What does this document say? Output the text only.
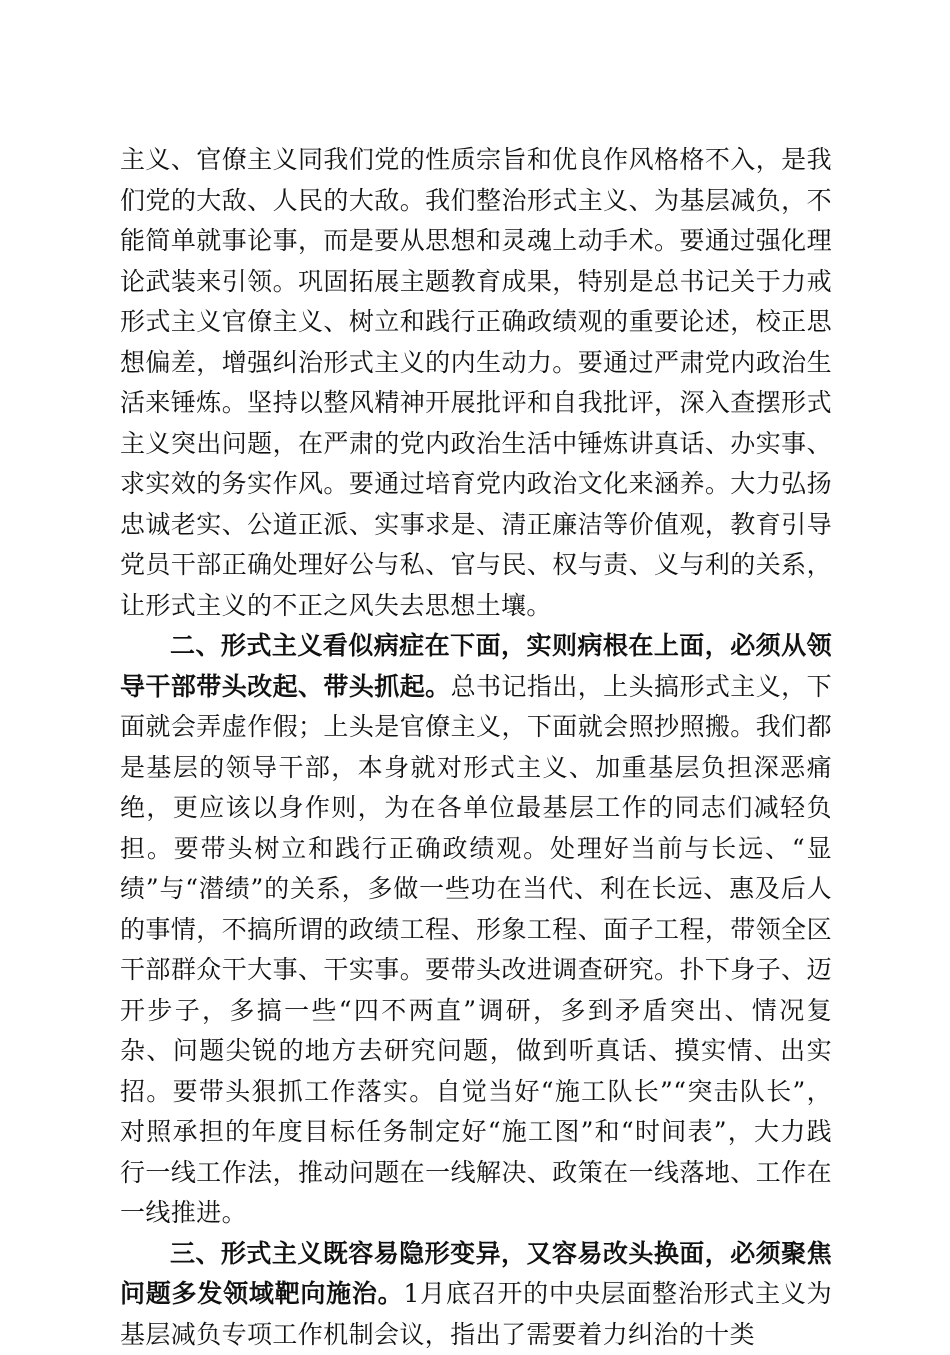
主义、官僚主义同我们党的性质宗旨和优良作风格格不入，是我们党的大敌、人民的大敌。我们整治形式主义、为基层减负，不能简单就事论事，而是要从思想和灵魂上动手术。要通过强化理论武装来引领。巩固拓展主题教育成果，特别是总书记关于力戒形式主义官僚主义、树立和践行正确政绩观的重要论述，校正思想偏差，增强纠治形式主义的内生动力。要通过严肃党内政治生活来锤炼。坚持以整风精神开展批评和自我批评，深入查摆形式主义突出问题，在严肃的党内政治生活中锤炼讲真话、办实事、求实效的务实作风。要通过培育党内政治文化来涵养。大力弘扬忠诚老实、公道正派、实事求是、清正廉洁等价值观，教育引导党员干部正确处理好公与私、官与民、权与责、义与利的关系，让形式主义的不正之风失去思想土壤。

二、形式主义看似病症在下面，实则病根在上面，必须从领导干部带头改起、带头抓起。总书记指出，上头搞形式主义，下面就会弄虚作假；上头是官僚主义，下面就会照抄照搬。我们都是基层的领导干部，本身就对形式主义、加重基层负担深恶痛绝，更应该以身作则，为在各单位最基层工作的同志们减轻负担。要带头树立和践行正确政绩观。处理好当前与长远、“显绩”与“潜绩”的关系，多做一些功在当代、利在长远、惠及后人的事情，不搞所谓的政绩工程、形象工程、面子工程，带领全区干部群众干大事、干实事。要带头改进调查研究。扑下身子、迈开步子，多搞一些“四不两直”调研，多到矛盾突出、情况复杂、问题尖锐的地方去研究问题，做到听真话、摸实情、出实招。要带头狠抓工作落实。自觉当好“施工队长”“突击队长”，对照承担的年度目标任务制定好“施工图”和“时间表”，大力践行一线工作法，推动问题在一线解决、政策在一线落地、工作在一线推进。

三、形式主义既容易隐形变异，又容易改头换面，必须聚焦问题多发领域靶向施治。1月底召开的中央层面整治形式主义为基层减负专项工作机制会议，指出了需要着力纠治的十类
